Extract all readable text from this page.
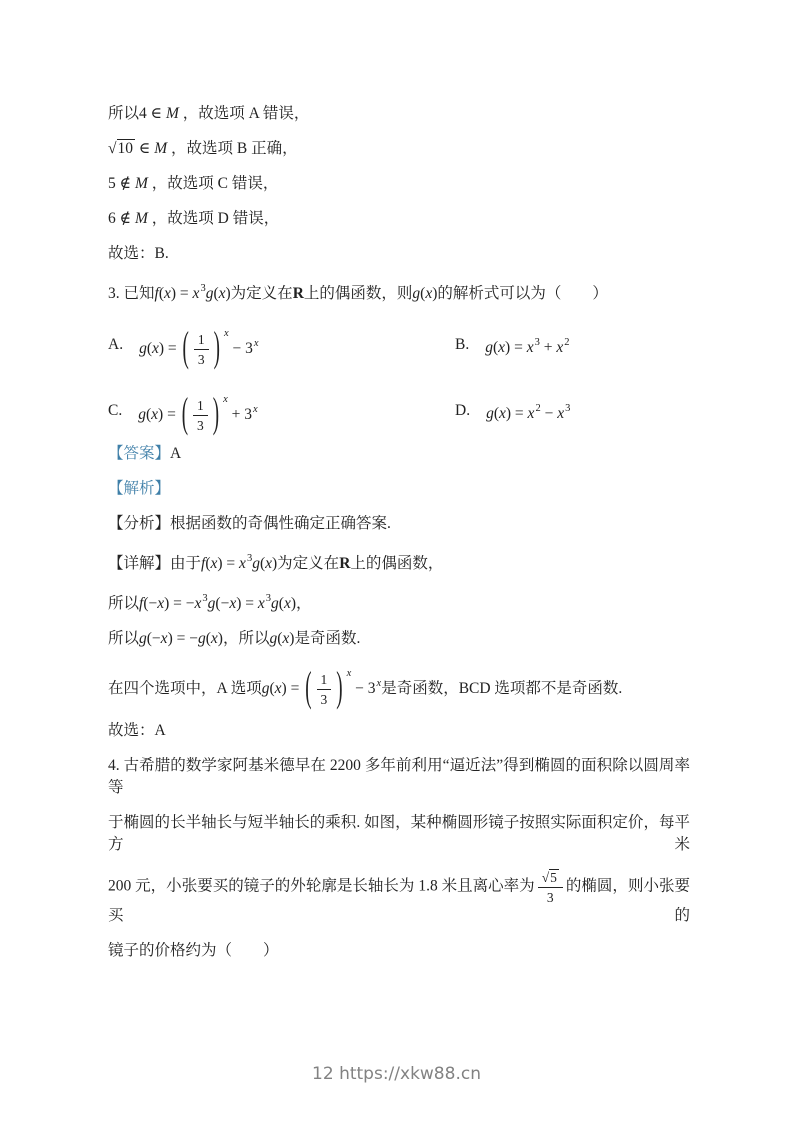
所以4 ∈ M ，故选项 A 错误，
√10 ∈ M ，故选项 B 正确，
5 ∉ M ，故选项 C 错误，
6 ∉ M ，故选项 D 错误，
故选：B.
3. 已知f(x) = x3g(x)为定义在R上的偶函数，则g(x)的解析式可以为（　　）
A. g(x) = ( $\frac{1}{3}$ ) x − 3x	B. g(x) = x3 + x2
C. g(x) = ( $\frac{1}{3}$ ) x + 3x	D. g(x) = x2 − x3
【答案】A
【解析】
【分析】根据函数的奇偶性确定正确答案.
【详解】由于f(x) = x3g(x)为定义在R上的偶函数，
所以f(−x) = −x3g(−x) = x3g(x)，
所以g(−x) = −g(x)，所以g(x)是奇函数.
在四个选项中，A 选项g(x) = ( $\frac{1}{3}$ ) x − 3x是奇函数，BCD 选项都不是奇函数.
故选：A
4. 古希腊的数学家阿基米德早在 2200 多年前利用“逼近法”得到椭圆的面积除以圆周率等
于椭圆的长半轴长与短半轴长的乘积. 如图，某种椭圆形镜子按照实际面积定价，每平方米
200 元，小张要买的镜子的外轮廓是长轴长为 1.8 米且离心率为 $\frac{√5}{3}$ 的椭圆，则小张要买的
镜子的价格约为（　　）
12 https://xkw88.cn
